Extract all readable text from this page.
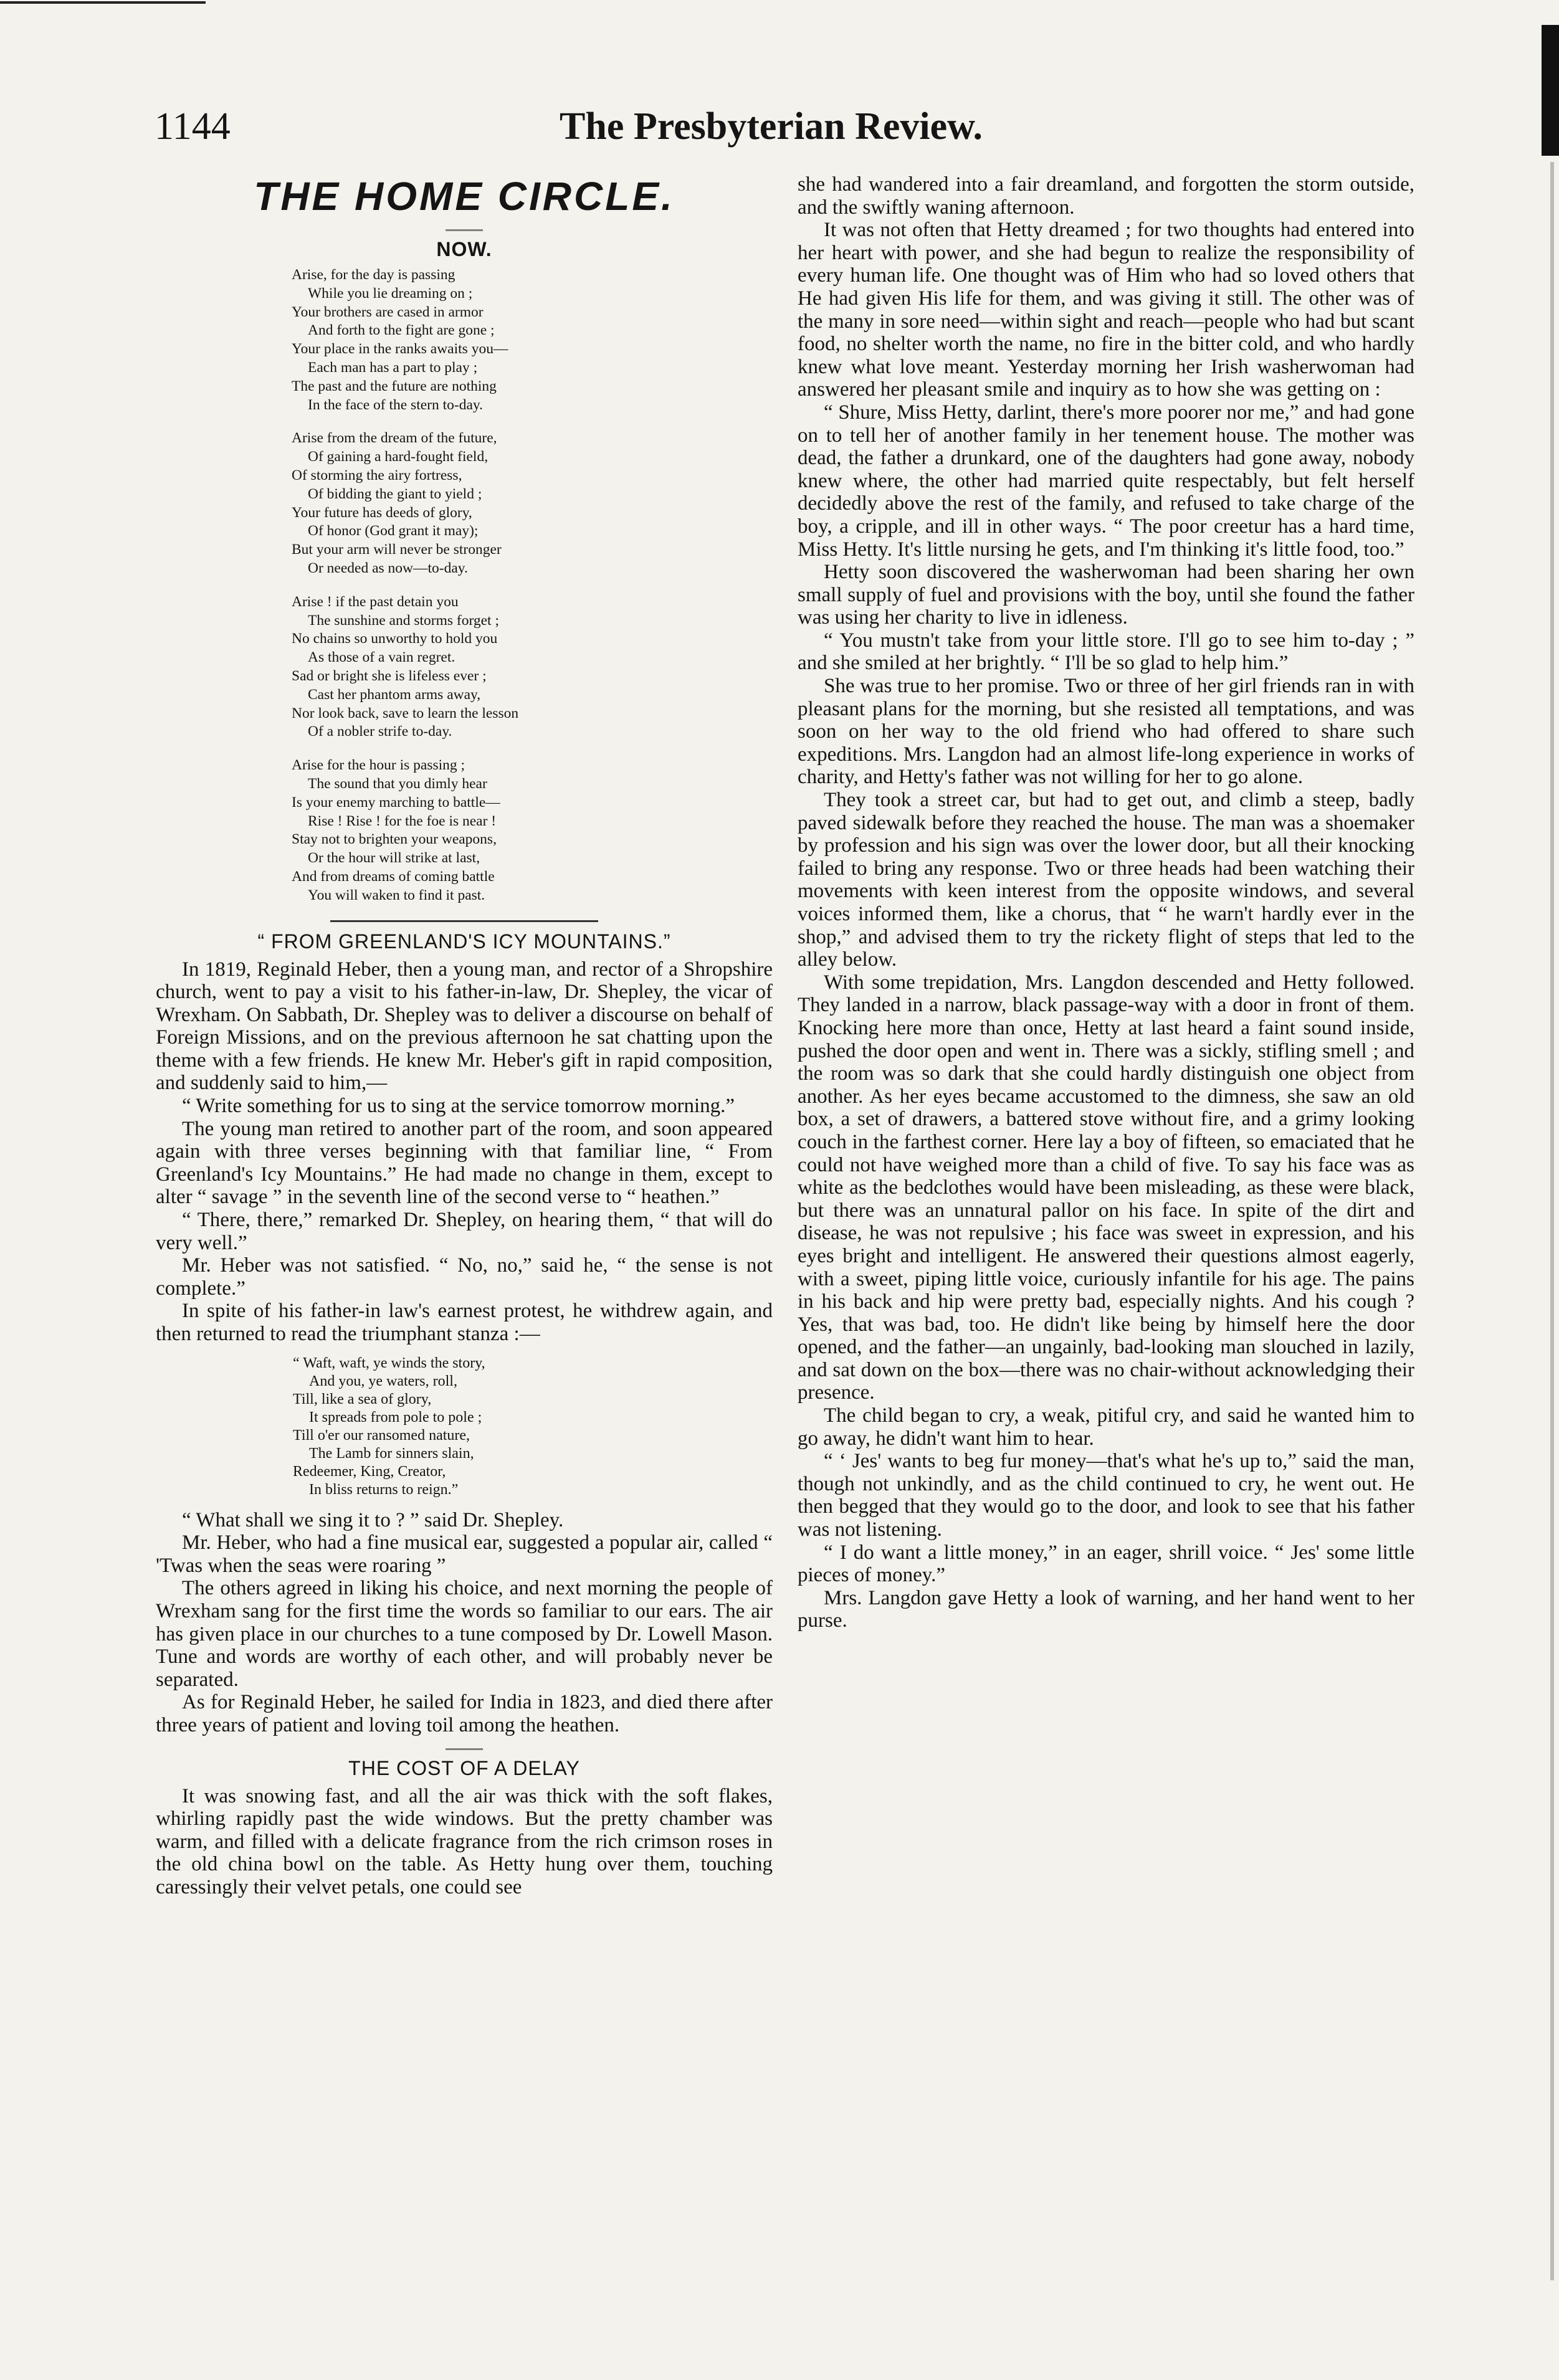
1144	The Presbyterian Review.
THE HOME CIRCLE.
NOW.
Arise, for the day is passing
While you lie dreaming on ;
Your brothers are cased in armor
And forth to the fight are gone ;
Your place in the ranks awaits you—
Each man has a part to play ;
The past and the future are nothing
In the face of the stern to-day.
Arise from the dream of the future,
Of gaining a hard-fought field,
Of storming the airy fortress,
Of bidding the giant to yield ;
Your future has deeds of glory,
Of honor (God grant it may);
But your arm will never be stronger
Or needed as now—to-day.
Arise ! if the past detain you
The sunshine and storms forget ;
No chains so unworthy to hold you
As those of a vain regret.
Sad or bright she is lifeless ever ;
Cast her phantom arms away,
Nor look back, save to learn the lesson
Of a nobler strife to-day.
Arise for the hour is passing ;
The sound that you dimly hear
Is your enemy marching to battle—
Rise ! Rise ! for the foe is near !
Stay not to brighten your weapons,
Or the hour will strike at last,
And from dreams of coming battle
You will waken to find it past.
“ FROM GREENLAND'S ICY MOUNTAINS.”

In 1819, Reginald Heber, then a young man, and rector of a Shropshire church, went to pay a visit to his father-in-law, Dr. Shepley, the vicar of Wrexham. On Sabbath, Dr. Shepley was to deliver a discourse on behalf of Foreign Missions, and on the previous afternoon he sat chatting upon the theme with a few friends. He knew Mr. Heber's gift in rapid composition, and suddenly said to him,—

“ Write something for us to sing at the service tomorrow morning.”

The young man retired to another part of the room, and soon appeared again with three verses beginning with that familiar line, “ From Greenland's Icy Mountains.” He had made no change in them, except to alter “ savage ” in the seventh line of the second verse to “ heathen.”

“ There, there,” remarked Dr. Shepley, on hearing them, “ that will do very well.”

Mr. Heber was not satisfied. “ No, no,” said he, “ the sense is not complete.”

In spite of his father-in law's earnest protest, he withdrew again, and then returned to read the triumphant stanza :—

“ Waft, waft, ye winds the story,
And you, ye waters, roll,
Till, like a sea of glory,
It spreads from pole to pole ;
Till o'er our ransomed nature,
The Lamb for sinners slain,
Redeemer, King, Creator,
In bliss returns to reign.”

“ What shall we sing it to ? ” said Dr. Shepley.

Mr. Heber, who had a fine musical ear, suggested a popular air, called “ 'Twas when the seas were roaring ”

The others agreed in liking his choice, and next morning the people of Wrexham sang for the first time the words so familiar to our ears. The air has given place in our churches to a tune composed by Dr. Lowell Mason. Tune and words are worthy of each other, and will probably never be separated.

As for Reginald Heber, he sailed for India in 1823, and died there after three years of patient and loving toil among the heathen.

THE COST OF A DELAY

It was snowing fast, and all the air was thick with the soft flakes, whirling rapidly past the wide windows. But the pretty chamber was warm, and filled with a delicate fragrance from the rich crimson roses in the old china bowl on the table. As Hetty hung over them, touching caressingly their velvet petals, one could see

she had wandered into a fair dreamland, and forgotten the storm outside, and the swiftly waning afternoon.

It was not often that Hetty dreamed ; for two thoughts had entered into her heart with power, and she had begun to realize the responsibility of every human life. One thought was of Him who had so loved others that He had given His life for them, and was giving it still. The other was of the many in sore need—within sight and reach—people who had but scant food, no shelter worth the name, no fire in the bitter cold, and who hardly knew what love meant. Yesterday morning her Irish washerwoman had answered her pleasant smile and inquiry as to how she was getting on :

“ Shure, Miss Hetty, darlint, there's more poorer nor me,” and had gone on to tell her of another family in her tenement house. The mother was dead, the father a drunkard, one of the daughters had gone away, nobody knew where, the other had married quite respectably, but felt herself decidedly above the rest of the family, and refused to take charge of the boy, a cripple, and ill in other ways. “ The poor creetur has a hard time, Miss Hetty. It's little nursing he gets, and I'm thinking it's little food, too.”

Hetty soon discovered the washerwoman had been sharing her own small supply of fuel and provisions with the boy, until she found the father was using her charity to live in idleness.

“ You mustn't take from your little store. I'll go to see him to-day ; ” and she smiled at her brightly. “ I'll be so glad to help him.”

She was true to her promise. Two or three of her girl friends ran in with pleasant plans for the morning, but she resisted all temptations, and was soon on her way to the old friend who had offered to share such expeditions. Mrs. Langdon had an almost life-long experience in works of charity, and Hetty's father was not willing for her to go alone.

They took a street car, but had to get out, and climb a steep, badly paved sidewalk before they reached the house. The man was a shoemaker by profession and his sign was over the lower door, but all their knocking failed to bring any response. Two or three heads had been watching their movements with keen interest from the opposite windows, and several voices informed them, like a chorus, that “ he warn't hardly ever in the shop,” and advised them to try the rickety flight of steps that led to the alley below.

With some trepidation, Mrs. Langdon descended and Hetty followed. They landed in a narrow, black passage-way with a door in front of them. Knocking here more than once, Hetty at last heard a faint sound inside, pushed the door open and went in. There was a sickly, stifling smell ; and the room was so dark that she could hardly distinguish one object from another. As her eyes became accustomed to the dimness, she saw an old box, a set of drawers, a battered stove without fire, and a grimy looking couch in the farthest corner. Here lay a boy of fifteen, so emaciated that he could not have weighed more than a child of five. To say his face was as white as the bedclothes would have been misleading, as these were black, but there was an unnatural pallor on his face. In spite of the dirt and disease, he was not repulsive ; his face was sweet in expression, and his eyes bright and intelligent. He answered their questions almost eagerly, with a sweet, piping little voice, curiously infantile for his age. The pains in his back and hip were pretty bad, especially nights. And his cough ? Yes, that was bad, too. He didn't like being by himself here the door opened, and the father—an ungainly, bad-looking man slouched in lazily, and sat down on the box—there was no chair-without acknowledging their presence.

The child began to cry, a weak, pitiful cry, and said he wanted him to go away, he didn't want him to hear.

“ ‘ Jes' wants to beg fur money—that's what he's up to,” said the man, though not unkindly, and as the child continued to cry, he went out. He then begged that they would go to the door, and look to see that his father was not listening.

“ I do want a little money,” in an eager, shrill voice. “ Jes' some little pieces of money.”

Mrs. Langdon gave Hetty a look of warning, and her hand went to her purse.
